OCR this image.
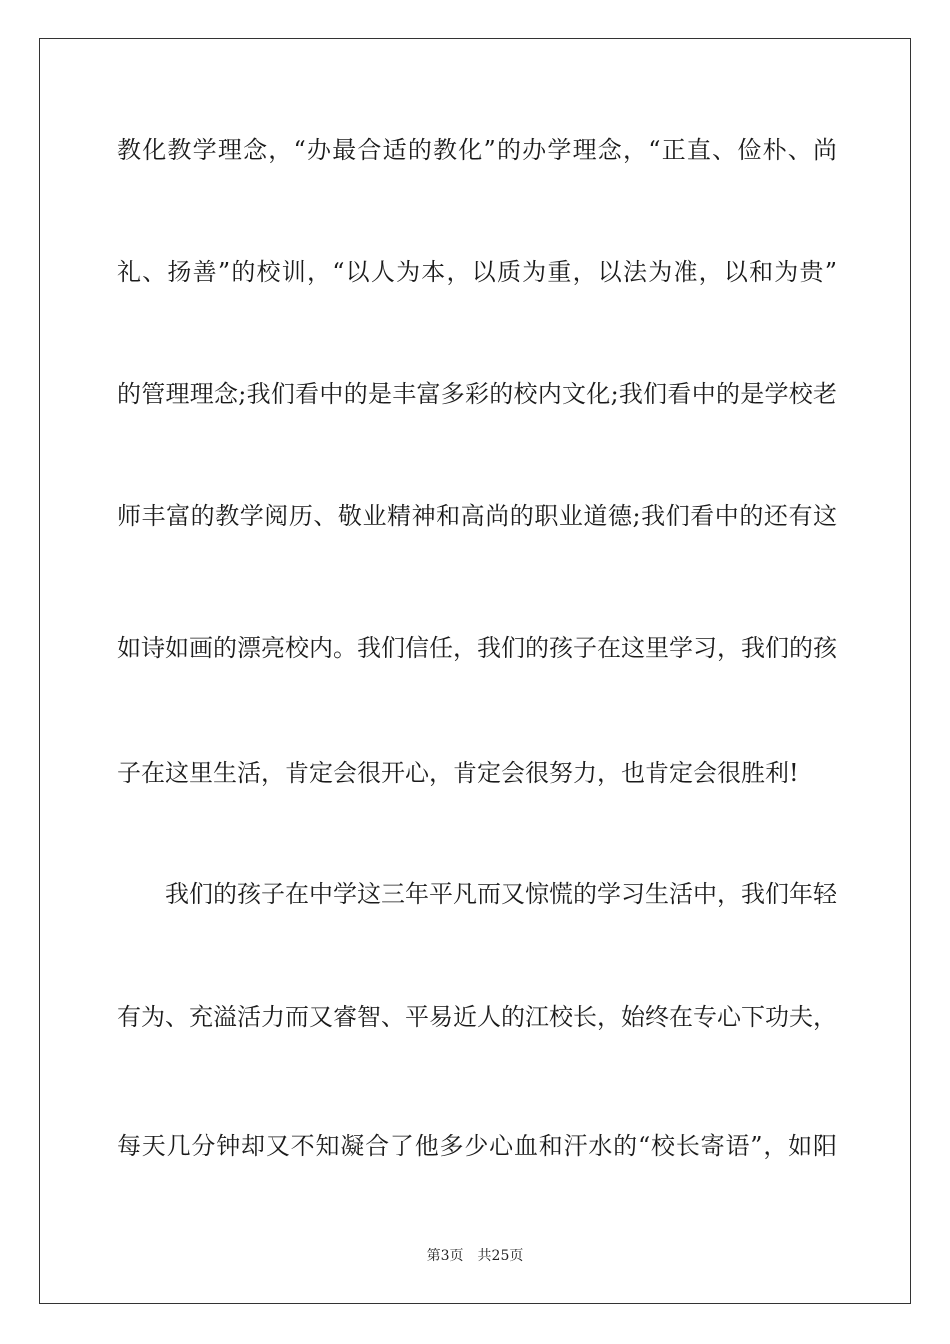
教化教学理念，“办最合适的教化”的办学理念，“正直、俭朴、尚
礼、扬善”的校训，“以人为本，以质为重，以法为准，以和为贵”
的管理理念;我们看中的是丰富多彩的校内文化;我们看中的是学校老
师丰富的教学阅历、敬业精神和高尚的职业道德;我们看中的还有这
如诗如画的漂亮校内。我们信任，我们的孩子在这里学习，我们的孩
子在这里生活，肯定会很开心，肯定会很努力，也肯定会很胜利!
我们的孩子在中学这三年平凡而又惊慌的学习生活中，我们年轻
有为、充溢活力而又睿智、平易近人的江校长，始终在专心下功夫，
每天几分钟却又不知凝合了他多少心血和汗水的“校长寄语”，如阳
第3页 共25页
